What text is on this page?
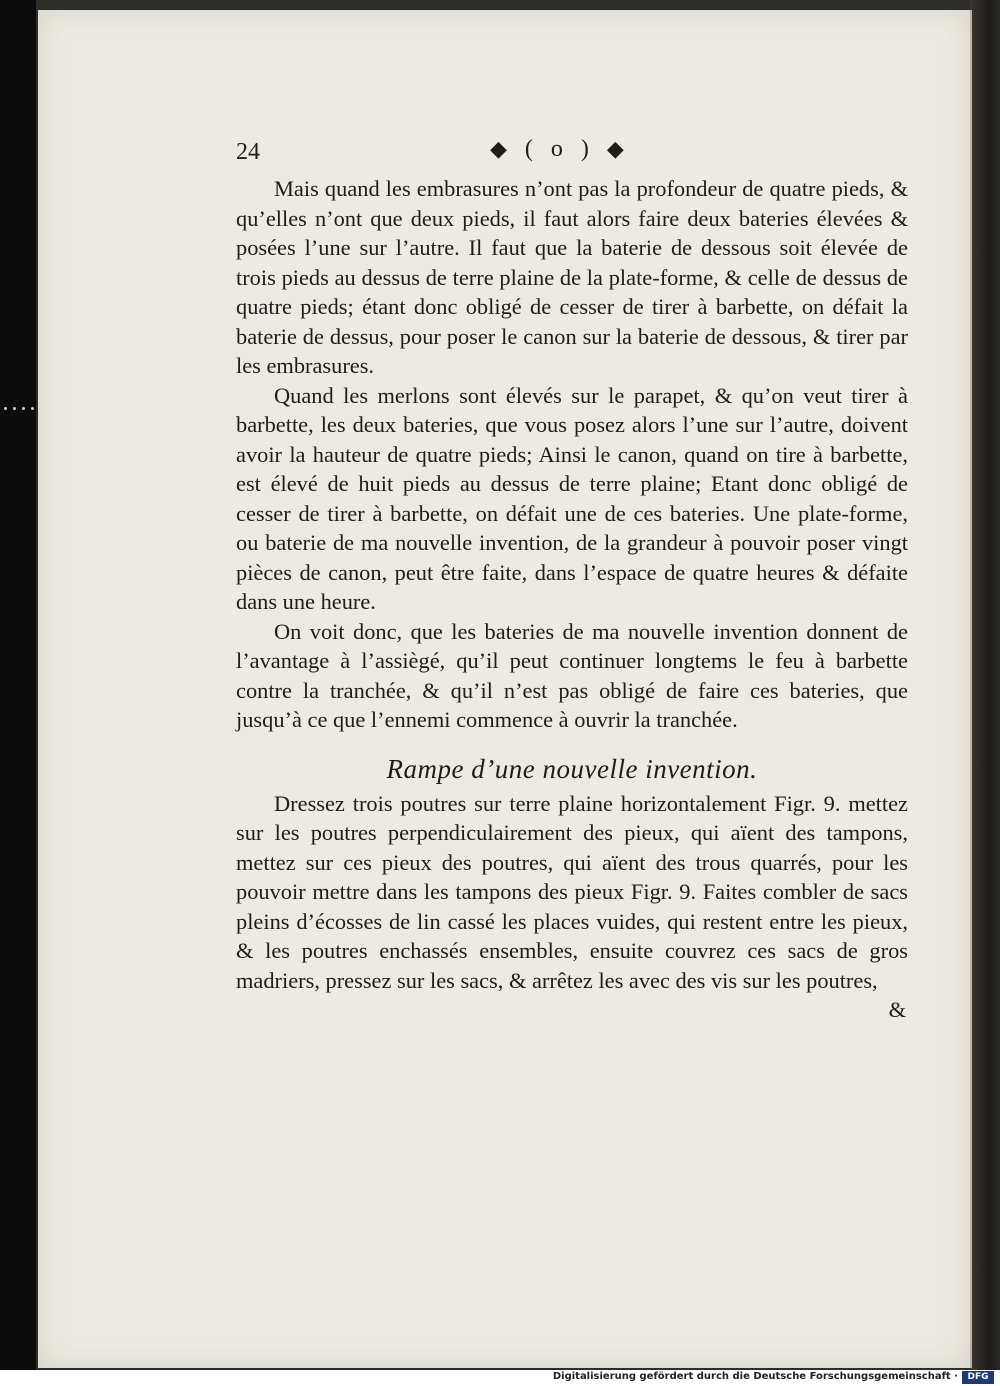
24	◆ ( o ) ◆

Mais quand les embrasures n’ont pas la profondeur de quatre pieds, & qu’elles n’ont que deux pieds, il faut alors faire deux bateries élevées & posées l’une sur l’autre. Il faut que la baterie de dessous soit élevée de trois pieds au dessus de terre plaine de la plate-forme, & celle de dessus de quatre pieds; étant donc obligé de cesser de tirer à barbette, on défait la baterie de dessus, pour poser le canon sur la baterie de dessous, & tirer par les embrasures.

Quand les merlons sont élevés sur le parapet, & qu’on veut tirer à barbette, les deux bateries, que vous posez alors l’une sur l’autre, doivent avoir la hauteur de quatre pieds; Ainsi le canon, quand on tire à barbette, est élevé de huit pieds au dessus de terre plaine; Etant donc obligé de cesser de tirer à barbette, on défait une de ces bateries. Une plate-forme, ou baterie de ma nouvelle invention, de la grandeur à pouvoir poser vingt pièces de canon, peut être faite, dans l’espace de quatre heures & défaite dans une heure.

On voit donc, que les bateries de ma nouvelle invention donnent de l’avantage à l’assiègé, qu’il peut continuer longtems le feu à barbette contre la tranchée, & qu’il n’est pas obligé de faire ces bateries, que jusqu’à ce que l’ennemi commence à ouvrir la tranchée.

Rampe d’une nouvelle invention.

Dressez trois poutres sur terre plaine horizontalement Figr. 9. mettez sur les poutres perpendiculairement des pieux, qui aïent des tampons, mettez sur ces pieux des poutres, qui aïent des trous quarrés, pour les pouvoir mettre dans les tampons des pieux Figr. 9. Faites combler de sacs pleins d’écosses de lin cassé les places vuides, qui restent entre les pieux, & les poutres enchassés ensembles, ensuite couvrez ces sacs de gros madriers, pressez sur les sacs, & arrêtez les avec des vis sur les poutres,

&

Digitalisierung gefördert durch die Deutsche Forschungsgemeinschaft ·	DFG
